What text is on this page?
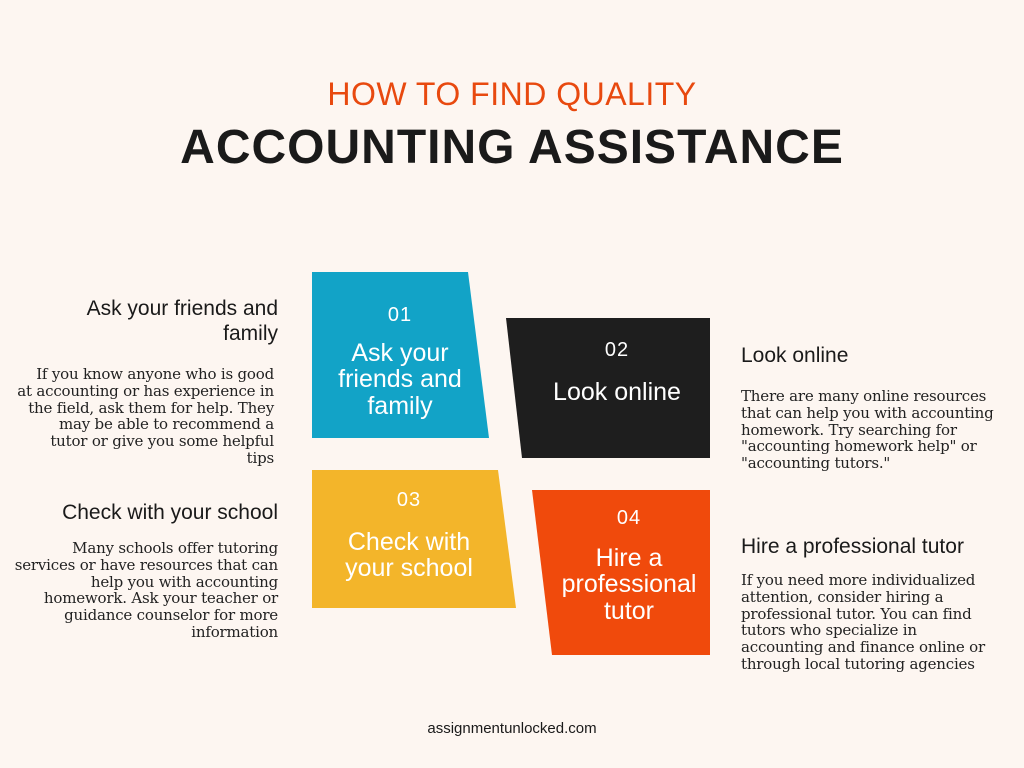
HOW TO FIND QUALITY
ACCOUNTING ASSISTANCE
01
Ask your
friends and
family
02
Look online
03
Check with
your school
04
Hire a
professional
tutor
Ask your friends and
family
If you know anyone who is good
at accounting or has experience in
the field, ask them for help. They
may be able to recommend a
tutor or give you some helpful
tips
Check with your school
Many schools offer tutoring
services or have resources that can
help you with accounting
homework. Ask your teacher or
guidance counselor for more
information
Look online
There are many online resources
that can help you with accounting
homework. Try searching for
"accounting homework help" or
"accounting tutors."
Hire a professional tutor
If you need more individualized
attention, consider hiring a
professional tutor. You can find
tutors who specialize in
accounting and finance online or
through local tutoring agencies
assignmentunlocked.com
